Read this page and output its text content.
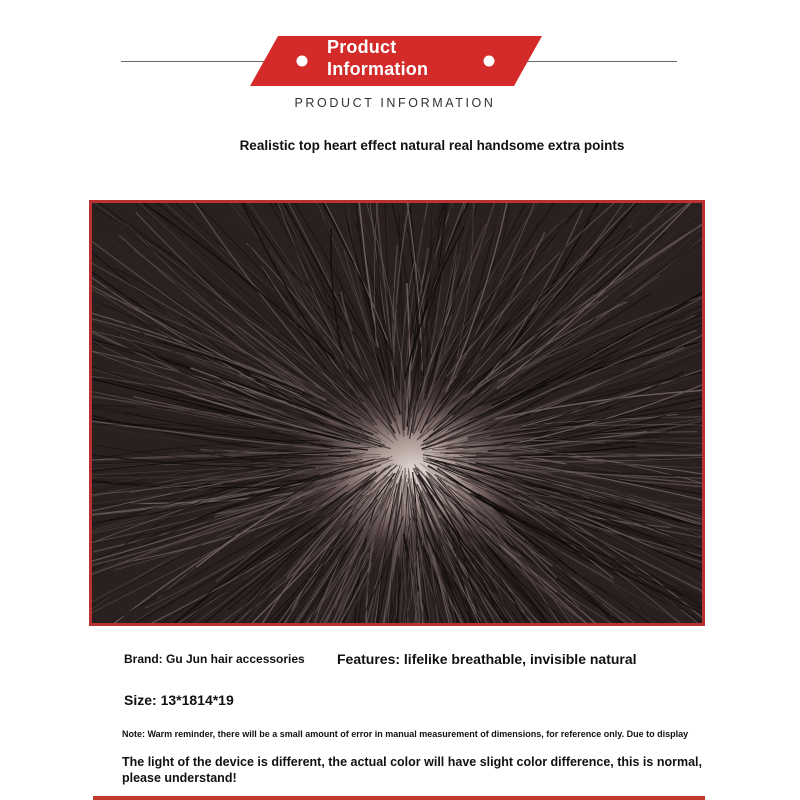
Product
Information
PRODUCT INFORMATION
Realistic top heart effect natural real handsome extra points
Brand: Gu Jun hair accessories Features: lifelike breathable, invisible natural
Size: 13*1814*19
Note: Warm reminder, there will be a small amount of error in manual measurement of dimensions, for reference only. Due to display
The light of the device is different, the actual color will have slight color difference, this is normal, please understand!
